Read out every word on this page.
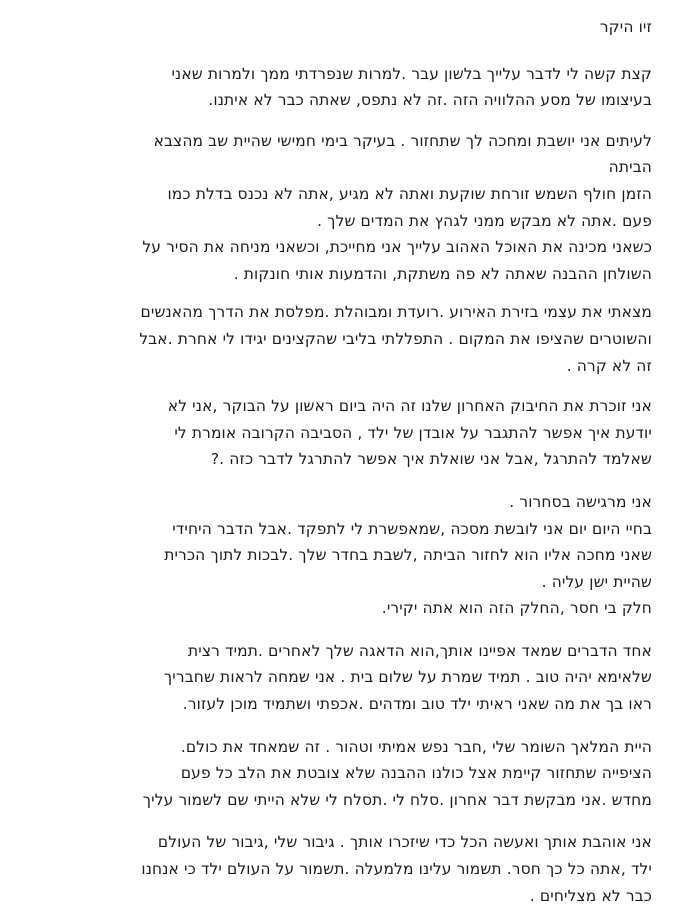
זיו היקר
קצת קשה לי לדבר עלייך בלשון עבר .למרות שנפרדתי ממך ולמרות שאני
בעיצומו של מסע ההלוויה הזה .זה לא נתפס, שאתה כבר לא איתנו.
לעיתים אני יושבת ומחכה לך שתחזור . בעיקר בימי חמישי שהיית שב מהצבא
הביתה
הזמן חולף השמש זורחת שוקעת ואתה לא מגיע ,אתה לא נכנס בדלת כמו
פעם .אתה לא מבקש ממני לגהץ את המדים שלך .
כשאני מכינה את האוכל האהוב עלייך אני מחייכת, וכשאני מניחה את הסיר על
השולחן ההבנה שאתה לא פה משתקת, והדמעות אותי חונקות .
מצאתי את עצמי בזירת האירוע .רועדת ומבוהלת .מפלסת את הדרך מהאנשים
והשוטרים שהציפו את המקום . התפללתי בליבי שהקצינים יגידו לי אחרת .אבל
זה לא קרה .
אני זוכרת את החיבוק האחרון שלנו זה היה ביום ראשון על הבוקר ,אני לא
יודעת איך אפשר להתגבר על אובדן של ילד , הסביבה הקרובה אומרת לי
שאלמד להתרגל ,אבל אני שואלת איך אפשר להתרגל לדבר כזה .?
אני מרגישה בסחרור .
בחיי היום יום אני לובשת מסכה ,שמאפשרת לי לתפקד .אבל הדבר היחידי
שאני מחכה אליו הוא לחזור הביתה ,לשבת בחדר שלך .לבכות לתוך הכרית
שהיית ישן עליה .
חלק בי חסר ,החלק הזה הוא אתה יקירי.
אחד הדברים שמאד אפיינו אותך,הוא הדאגה שלך לאחרים .תמיד רצית
שלאימא יהיה טוב . תמיד שמרת על שלום בית . אני שמחה לראות שחבריך
ראו בך את מה שאני ראיתי ילד טוב ומדהים .אכפתי ושתמיד מוכן לעזור.
היית המלאך השומר שלי ,חבר נפש אמיתי וטהור . זה שמאחד את כולם.
הציפייה שתחזור קיימת אצל כולנו ההבנה שלא צובטת את הלב כל פעם
מחדש .אני מבקשת דבר אחרון .סלח לי .תסלח לי שלא הייתי שם לשמור עליך
אני אוהבת אותך ואעשה הכל כדי שיזכרו אותך . גיבור שלי ,גיבור של העולם
ילד ,אתה כל כך חסר. תשמור עלינו מלמעלה .תשמור על העולם ילד כי אנחנו
כבר לא מצליחים .
